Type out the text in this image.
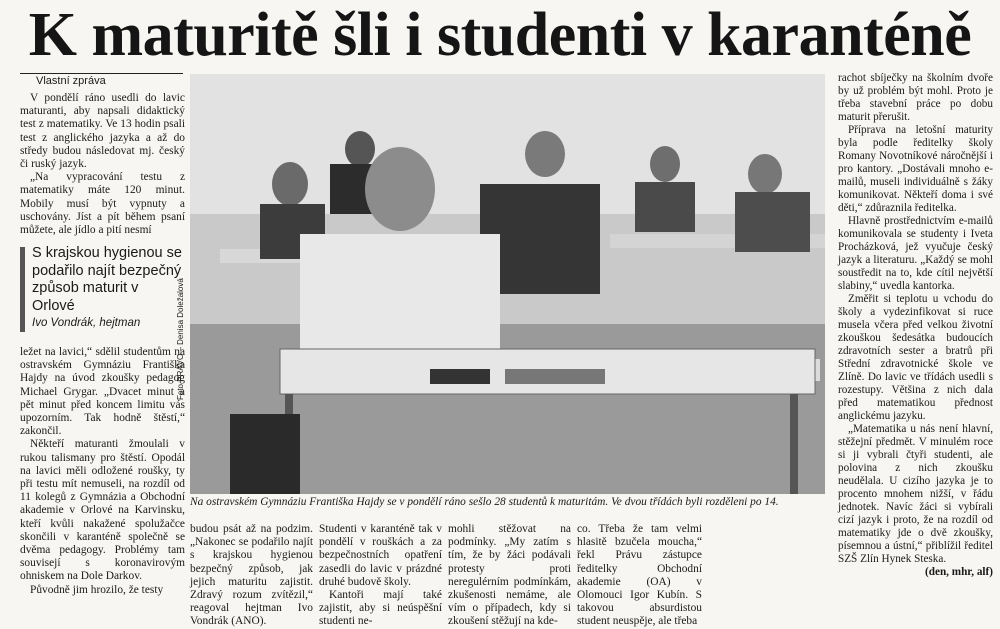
K maturitě šli i studenti v karanténě
Vlastní zpráva

V pondělí ráno usedli do lavic maturanti, aby napsali didaktický test z matematiky. Ve 13 hodin psali test z anglického jazyka a až do středy budou následovat mj. český či ruský jazyk.

„Na vypracování testu z matematiky máte 120 minut. Mobily musí být vypnuty a uschovány. Jíst a pít během psaní můžete, ale jídlo a pití nesmí

S krajskou hygienou se podařilo najít bezpečný způsob maturit v Orlové
Ivo Vondrák, hejtman

ležet na lavici,“ sdělil studentům na ostravském Gymnáziu Františka Hajdy na úvod zkoušky pedagog Michael Grygar. „Dvacet minut a pět minut před koncem limitu vás upozorním. Tak hodně štěstí,“ zakončil.

Někteří maturanti žmoulali v rukou talismany pro štěstí. Opodál na lavici měli odložené roušky, ty při testu mít nemuseli, na rozdíl od 11 kolegů z Gymnázia a Obchodní akademie v Orlové na Karvinsku, kteří kvůli nakažené spolužačce skončili v karanténě společně se dvěma pedagogy. Problémy tam souvisejí s koronavirovým ohniskem na Dole Darkov.

Původně jim hrozilo, že testy

Foto PRÁVO – Denisa Doležalová
Na ostravském Gymnáziu Františka Hajdy se v pondělí ráno sešlo 28 studentů k maturitám. Ve dvou třídách byli rozděleni po 14.

budou psát až na podzim. „Nakonec se podařilo najít s krajskou hygienou bezpečný způsob, jak jejich maturitu zajistit. Zdravý rozum zvítězil,“ reagoval hejtman Ivo Vondrák (ANO).

Studenti v karanténě tak v pondělí v rouškách a za bezpečnostních opatření zasedli do lavic v prázdné druhé budově školy.

Kantoři mají také zajistit, aby si neúspěšní studenti ne-

mohli stěžovat na podmínky. „My zatím s tím, že by žáci podávali protesty proti neregulérním podmínkám, zkušenosti nemáme, ale vím o případech, kdy si zkoušení stěžují na kde-

co. Třeba že tam velmi hlasitě bzučela moucha,“ řekl Právu zástupce ředitelky Obchodní akademie (OA) v Olomouci Igor Kubín. S takovou absurdistou student neuspěje, ale třeba

rachot sbíječky na školním dvoře by už problém být mohl. Proto je třeba stavební práce po dobu maturit přerušit.

Příprava na letošní maturity byla podle ředitelky školy Romany Novotníkové náročnější i pro kantory. „Dostávali mnoho e-mailů, museli individuálně s žáky komunikovat. Někteří doma i své děti,“ zdůraznila ředitelka.

Hlavně prostřednictvím e-mailů komunikovala se studenty i Iveta Procházková, jež vyučuje český jazyk a literaturu. „Každý se mohl soustředit na to, kde cítil největší slabiny,“ uvedla kantorka.

Změřit si teplotu u vchodu do školy a vydezinfikovat si ruce musela včera před velkou životní zkouškou šedesátka budoucích zdravotních sester a bratrů při Střední zdravotnické škole ve Zlíně. Do lavic ve třídách usedli s rozestupy. Většina z nich dala před matematikou přednost anglickému jazyku.

„Matematika u nás není hlavní, stěžejní předmět. V minulém roce si ji vybrali čtyři studenti, ale polovina z nich zkoušku neudělala. U cizího jazyka je to procento mnohem nižší, v řádu jednotek. Navíc žáci si vybírali cizí jazyk i proto, že na rozdíl od matematiky jde o dvě zkoušky, písemnou a ústní,“ přiblížil ředitel SZŠ Zlín Hynek Steska.

(den, mhr, alf)
